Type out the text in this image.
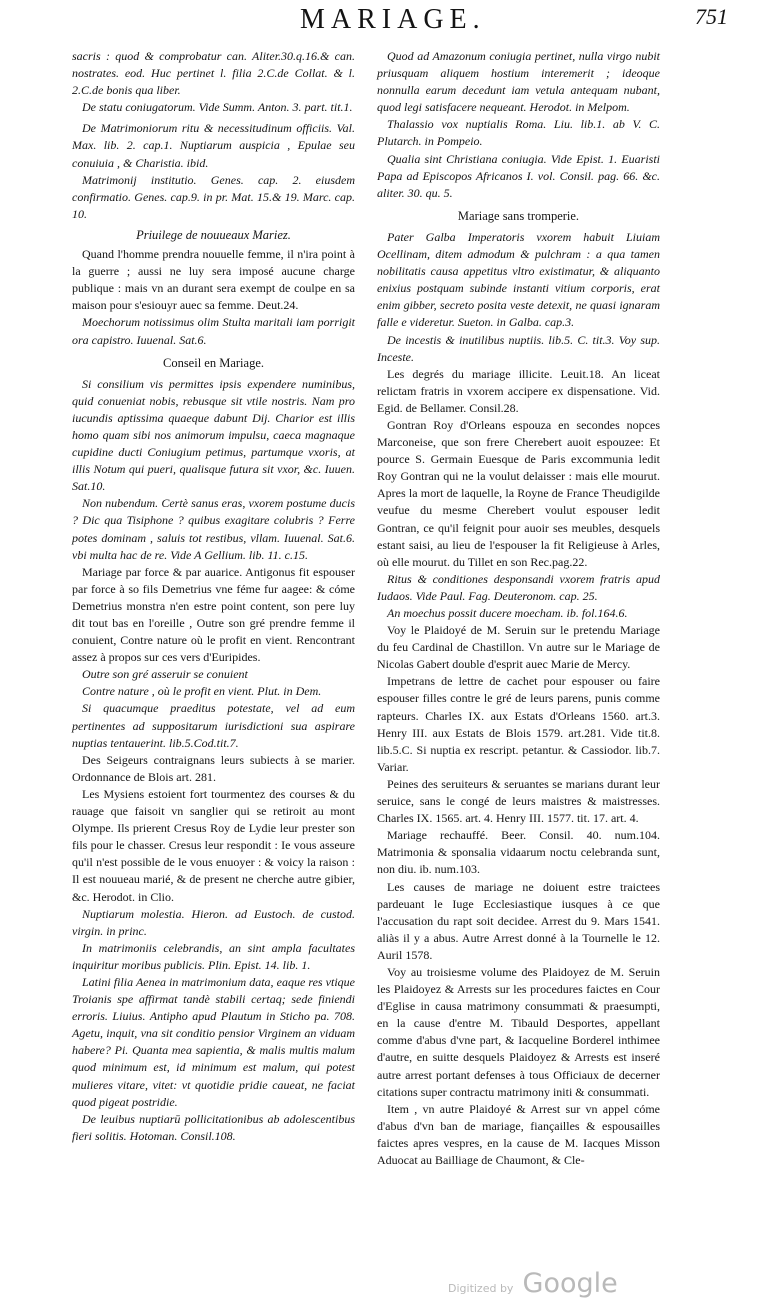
MARIAGE.	751

sacris : quod & comprobatur can. Aliter.30.q.16.& can. nostrates. eod. Huc pertinet l. filia 2.C.de Collat. & l. 2.C.de bonis qua liber.

De statu coniugatorum. Vide Summ. Anton. 3. part. tit.1.

De Matrimoniorum ritu & necessitudinum officiis. Val. Max. lib. 2. cap.1. Nuptiarum auspicia , Epulae seu conuiuia , & Charistia. ibid.

Matrimonij institutio. Genes. cap. 2. eiusdem confirmatio. Genes. cap.9. in pr. Mat. 15.& 19. Marc. cap. 10.

Priuilege de nouueaux Mariez.

Quand l'homme prendra nouuelle femme, il n'ira point à la guerre ; aussi ne luy sera imposé aucune charge publique : mais vn an durant sera exempt de coulpe en sa maison pour s'esiouyr auec sa femme. Deut.24.

Moechorum notissimus olim Stulta maritali iam porrigit ora capistro. Iuuenal. Sat.6.

Conseil en Mariage.

Si consilium vis permittes ipsis expendere numinibus, quid conueniat nobis, rebusque sit vtile nostris. Nam pro iucundis aptissima quaeque dabunt Dij. Charior est illis homo quam sibi nos animorum impulsu, caeca magnaque cupidine ducti Coniugium petimus, partumque vxoris, at illis Notum qui pueri, qualisque futura sit vxor, &c. Iuuen. Sat.10.

Non nubendum. Certè sanus eras, vxorem postume ducis ? Dic qua Tisiphone ? quibus exagitare colubris ? Ferre potes dominam , saluis tot restibus, vllam. Iuuenal. Sat.6. vbi multa hac de re. Vide A Gellium. lib. 11. c.15.

Mariage par force & par auarice. Antigonus fit espouser par force à so fils Demetrius vne féme fur aagee: & cóme Demetrius monstra n'en estre point content, son pere luy dit tout bas en l'oreille , Outre son gré prendre femme il conuient, Contre nature où le profit en vient. Rencontrant assez à propos sur ces vers d'Euripides.

Outre son gré asseruir se conuient

Contre nature , où le profit en vient. Plut. in Dem.

Si quacumque praeditus potestate, vel ad eum pertinentes ad suppositarum iurisdictioni sua aspirare nuptias tentauerint. lib.5.Cod.tit.7.

Des Seigeurs contraignans leurs subiects à se marier. Ordonnance de Blois art. 281.

Les Mysiens estoient fort tourmentez des courses & du rauage que faisoit vn sanglier qui se retiroit au mont Olympe. Ils prierent Cresus Roy de Lydie leur prester son fils pour le chasser. Cresus leur respondit : Ie vous asseure qu'il n'est possible de le vous enuoyer : & voicy la raison : Il est nouueau marié, & de present ne cherche autre gibier, &c. Herodot. in Clio.

Nuptiarum molestia. Hieron. ad Eustoch. de custod. virgin. in princ.

In matrimoniis celebrandis, an sint ampla facultates inquiritur moribus publicis. Plin. Epist. 14. lib. 1.

Latini filia Aenea in matrimonium data, eaque res vtique Troianis spe affirmat tandè stabili certaq; sede finiendi erroris. Liuius. Antipho apud Plautum in Sticho pa. 708. Agetu, inquit, vna sit conditio pensior Virginem an viduam habere? Pi. Quanta mea sapientia, & malis multis malum quod minimum est, id minimum est malum, qui potest mulieres vitare, vitet: vt quotidie pridie caueat, ne faciat quod pigeat postridie.

De leuibus nuptiarū pollicitationibus ab adolescentibus fieri solitis. Hotoman. Consil.108.

Quod ad Amazonum coniugia pertinet, nulla virgo nubit priusquam aliquem hostium interemerit ; ideoque nonnulla earum decedunt iam vetula antequam nubant, quod legi satisfacere nequeant. Herodot. in Melpom.

Thalassio vox nuptialis Roma. Liu. lib.1. ab V. C. Plutarch. in Pompeio.

Qualia sint Christiana coniugia. Vide Epist. 1. Euaristi Papa ad Episcopos Africanos I. vol. Consil. pag. 66. &c. aliter. 30. qu. 5.

Mariage sans tromperie.

Pater Galba Imperatoris vxorem habuit Liuiam Ocellinam, ditem admodum & pulchram : a qua tamen nobilitatis causa appetitus vltro existimatur, & aliquanto enixius postquam subinde instanti vitium corporis, erat enim gibber, secreto posita veste detexit, ne quasi ignaram falle e videretur. Sueton. in Galba. cap.3.

De incestis & inutilibus nuptiis. lib.5. C. tit.3. Voy sup. Inceste.

Les degrés du mariage illicite. Leuit.18. An liceat relictam fratris in vxorem accipere ex dispensatione. Vid. Egid. de Bellamer. Consil.28.

Gontran Roy d'Orleans espouza en secondes nopces Marconeise, que son frere Cherebert auoit espouzee: Et pource S. Germain Euesque de Paris excommunia ledit Roy Gontran qui ne la voulut delaisser : mais elle mourut. Apres la mort de laquelle, la Royne de France Theudigilde veufue du mesme Cherebert voulut espouser ledit Gontran, ce qu'il feignit pour auoir ses meubles, desquels estant saisi, au lieu de l'espouser la fit Religieuse à Arles, où elle mourut. du Tillet en son Rec.pag.22.

Ritus & conditiones desponsandi vxorem fratris apud Iudaos. Vide Paul. Fag. Deuteronom. cap. 25.

An moechus possit ducere moecham. ib. fol.164.6.

Voy le Plaidoyé de M. Seruin sur le pretendu Mariage du feu Cardinal de Chastillon. Vn autre sur le Mariage de Nicolas Gabert double d'esprit auec Marie de Mercy.

Impetrans de lettre de cachet pour espouser ou faire espouser filles contre le gré de leurs parens, punis comme rapteurs. Charles IX. aux Estats d'Orleans 1560. art.3. Henry III. aux Estats de Blois 1579. art.281. Vide tit.8. lib.5.C. Si nuptia ex rescript. petantur. & Cassiodor. lib.7. Variar.

Peines des seruiteurs & seruantes se marians durant leur seruice, sans le congé de leurs maistres & maistresses. Charles IX. 1565. art. 4. Henry III. 1577. tit. 17. art. 4.

Mariage rechauffé. Beer. Consil. 40. num.104. Matrimonia & sponsalia vidaarum noctu celebranda sunt, non diu. ib. num.103.

Les causes de mariage ne doiuent estre traictees pardeuant le Iuge Ecclesiastique iusques à ce que l'accusation du rapt soit decidee. Arrest du 9. Mars 1541. aliàs il y a abus. Autre Arrest donné à la Tournelle le 12. Auril 1578.

Voy au troisiesme volume des Plaidoyez de M. Seruin les Plaidoyez & Arrests sur les procedures faictes en Cour d'Eglise in causa matrimony consummati & praesumpti, en la cause d'entre M. Tibauld Desportes, appellant comme d'abus d'vne part, & Iacqueline Borderel inthimee d'autre, en suitte desquels Plaidoyez & Arrests est inseré autre arrest portant defenses à tous Officiaux de decerner citations super contractu matrimony initi & consummati.

Item , vn autre Plaidoyé & Arrest sur vn appel cóme d'abus d'vn ban de mariage, fiançailles & espousailles faictes apres vespres, en la cause de M. Iacques Misson Aduocat au Bailliage de Chaumont, & Cle-

Digitized by Google
